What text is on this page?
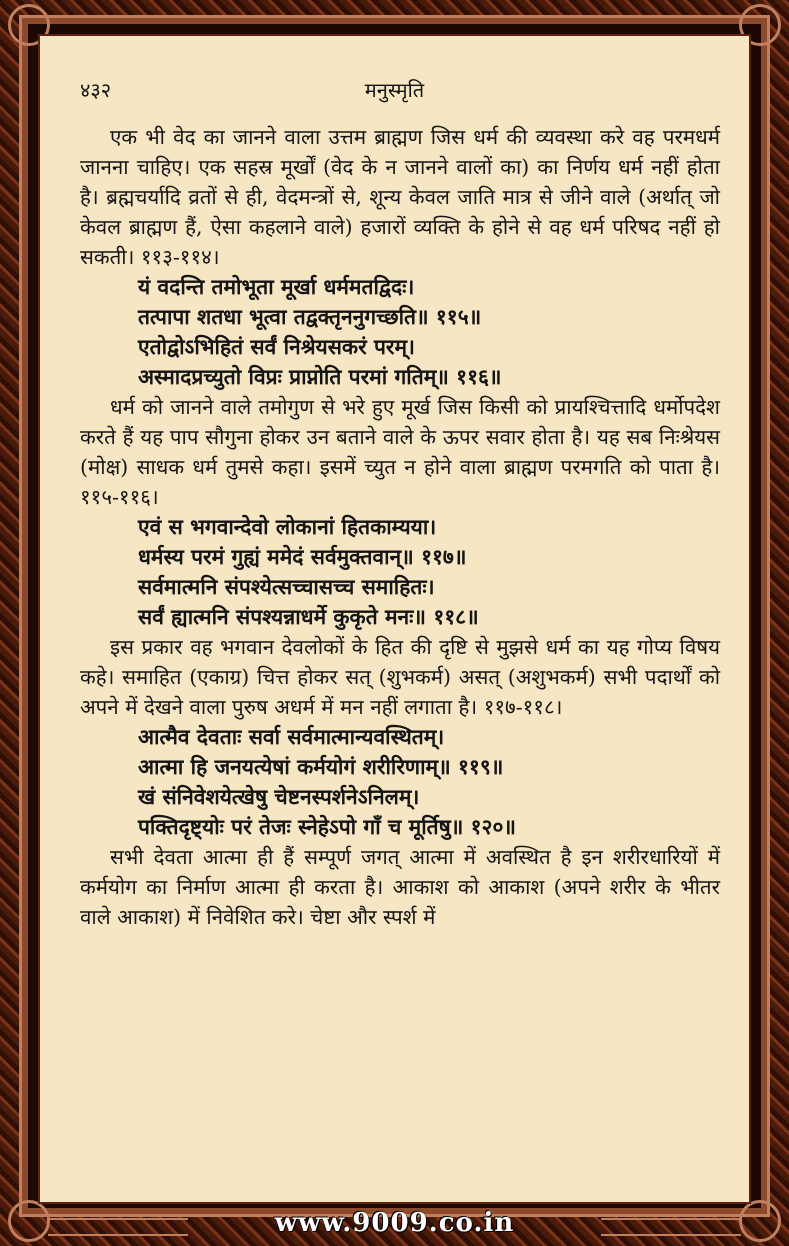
४३२	मनुस्मृति

एक भी वेद का जानने वाला उत्तम ब्राह्मण जिस धर्म की व्यवस्था करे वह परमधर्म जानना चाहिए। एक सहस्र मूर्खों (वेद के न जानने वालों का) का निर्णय धर्म नहीं होता है। ब्रह्मचर्यादि व्रतों से ही, वेदमन्त्रों से, शून्य केवल जाति मात्र से जीने वाले (अर्थात् जो केवल ब्राह्मण हैं, ऐसा कहलाने वाले) हजारों व्यक्ति के होने से वह धर्म परिषद नहीं हो सकती। ११३-११४।

यं वदन्ति तमोभूता मूर्खा धर्ममतद्विदः।
तत्पापा शतधा भूत्वा तद्वक्तृननुगच्छति॥ ११५॥
एतोद्वोऽभिहितं सर्वं निश्रेयसकरं परम्।
अस्मादप्रच्युतो विप्रः प्राप्नोति परमां गतिम्॥ ११६॥

धर्म को जानने वाले तमोगुण से भरे हुए मूर्ख जिस किसी को प्रायश्चित्तादि धर्मोपदेश करते हैं यह पाप सौगुना होकर उन बताने वाले के ऊपर सवार होता है। यह सब निःश्रेयस (मोक्ष) साधक धर्म तुमसे कहा। इसमें च्युत न होने वाला ब्राह्मण परमगति को पाता है। ११५-११६।

एवं स भगवान्देवो लोकानां हितकाम्यया।
धर्मस्य परमं गुह्यं ममेदं सर्वमुक्तवान्॥ ११७॥
सर्वमात्मनि संपश्येत्सच्चासच्च समाहितः।
सर्वं ह्यात्मनि संपश्यन्नाधर्मे कुकृते मनः॥ ११८॥

इस प्रकार वह भगवान देवलोकों के हित की दृष्टि से मुझसे धर्म का यह गोप्य विषय कहे। समाहित (एकाग्र) चित्त होकर सत् (शुभकर्म) असत् (अशुभकर्म) सभी पदार्थों को अपने में देखने वाला पुरुष अधर्म में मन नहीं लगाता है। ११७-११८।

आत्मैव देवताः सर्वा सर्वमात्मान्यवस्थितम्।
आत्मा हि जनयत्येषां कर्मयोगं शरीरिणाम्॥ ११९॥
खं संनिवेशयेत्खेषु चेष्टनस्पर्शनेऽनिलम्।
पक्तिदृष्ट्योः परं तेजः स्नेहेऽपो गाँ च मूर्तिषु॥ १२०॥

सभी देवता आत्मा ही हैं सम्पूर्ण जगत् आत्मा में अवस्थित है इन शरीरधारियों में कर्मयोग का निर्माण आत्मा ही करता है। आकाश को आकाश (अपने शरीर के भीतर वाले आकाश) में निवेशित करे। चेष्टा और स्पर्श में

www.9009.co.in
